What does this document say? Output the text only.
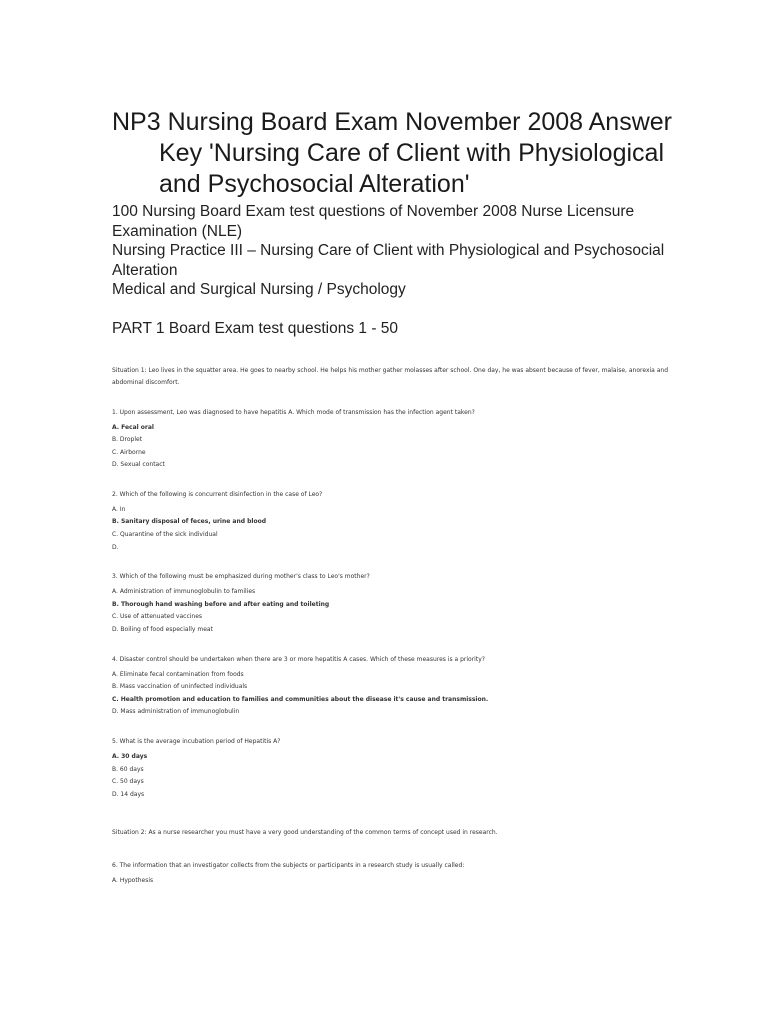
NP3 Nursing Board Exam November 2008 Answer Key 'Nursing Care of Client with Physiological and Psychosocial Alteration'

100 Nursing Board Exam test questions of November 2008 Nurse Licensure Examination (NLE)

Nursing Practice III – Nursing Care of Client with Physiological and Psychosocial Alteration

Medical and Surgical Nursing / Psychology

PART 1 Board Exam test questions 1 - 50

Situation 1: Leo lives in the squatter area. He goes to nearby school. He helps his mother gather molasses after school. One day, he was absent because of fever, malaise, anorexia and abdominal discomfort.

1. Upon assessment, Leo was diagnosed to have hepatitis A. Which mode of transmission has the infection agent taken?

A. Fecal oral

B. Droplet

C. Airborne

D. Sexual contact

2. Which of the following is concurrent disinfection in the case of Leo?

A. In

B. Sanitary disposal of feces, urine and blood

C. Quarantine of the sick individual

D.

3. Which of the following must be emphasized during mother's class to Leo's mother?

A. Administration of immunoglobulin to families

B. Thorough hand washing before and after eating and toileting

C. Use of attenuated vaccines

D. Boiling of food especially meat

4. Disaster control should be undertaken when there are 3 or more hepatitis A cases. Which of these measures is a priority?

A. Eliminate fecal contamination from foods

B. Mass vaccination of uninfected individuals

C. Health promotion and education to families and communities about the disease it's cause and transmission.

D. Mass administration of immunoglobulin

5. What is the average incubation period of Hepatitis A?

A. 30 days

B. 60 days

C. 50 days

D. 14 days

Situation 2: As a nurse researcher you must have a very good understanding of the common terms of concept used in research.

6. The information that an investigator collects from the subjects or participants in a research study is usually called:

A. Hypothesis
